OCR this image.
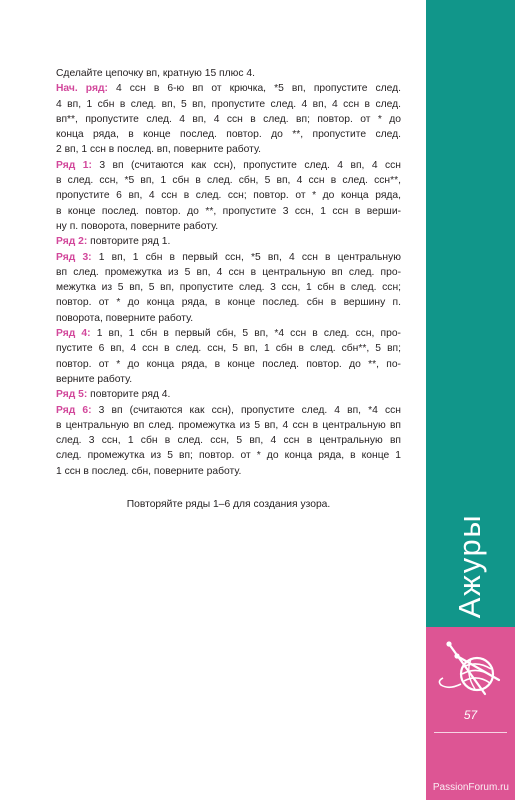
Сделайте цепочку вп, кратную 15 плюс 4.
Нач. ряд: 4 ссн в 6-ю вп от крючка, *5 вп, пропустите след.
4 вп, 1 сбн в след. вп, 5 вп, пропустите след. 4 вп, 4 ссн в след.
вп**, пропустите след. 4 вп, 4 ссн в след. вп; повтор. от * до
конца ряда, в конце послед. повтор. до **, пропустите след.
2 вп, 1 ссн в послед. вп, поверните работу.
Ряд 1: 3 вп (считаются как ссн), пропустите след. 4 вп, 4 ссн
в след. ссн, *5 вп, 1 сбн в след. сбн, 5 вп, 4 ссн в след. ссн**,
пропустите 6 вп, 4 ссн в след. ссн; повтор. от * до конца ряда,
в конце послед. повтор. до **, пропустите 3 ссн, 1 ссн в верши-
ну п. поворота, поверните работу.
Ряд 2: повторите ряд 1.
Ряд 3: 1 вп, 1 сбн в первый ссн, *5 вп, 4 ссн в центральную
вп след. промежутка из 5 вп, 4 ссн в центральную вп след. про-
межутка из 5 вп, 5 вп, пропустите след. 3 ссн, 1 сбн в след. ссн;
повтор. от * до конца ряда, в конце послед. сбн в вершину п.
поворота, поверните работу.
Ряд 4: 1 вп, 1 сбн в первый сбн, 5 вп, *4 ссн в след. ссн, про-
пустите 6 вп, 4 ссн в след. ссн, 5 вп, 1 сбн в след. сбн**, 5 вп;
повтор. от * до конца ряда, в конце послед. повтор. до **, по-
верните работу.
Ряд 5: повторите ряд 4.
Ряд 6: 3 вп (считаются как ссн), пропустите след. 4 вп, *4 ссн
в центральную вп след. промежутка из 5 вп, 4 ссн в центральную вп
след. 3 ссн, 1 сбн в след. ссн, 5 вп, 4 ссн в центральную вп
след. промежутка из 5 вп; повтор. от * до конца ряда, в конце 1
1 ссн в послед. сбн, поверните работу.
Повторяйте ряды 1–6 для создания узора.
Ажуры
57
PassionForum.ru
